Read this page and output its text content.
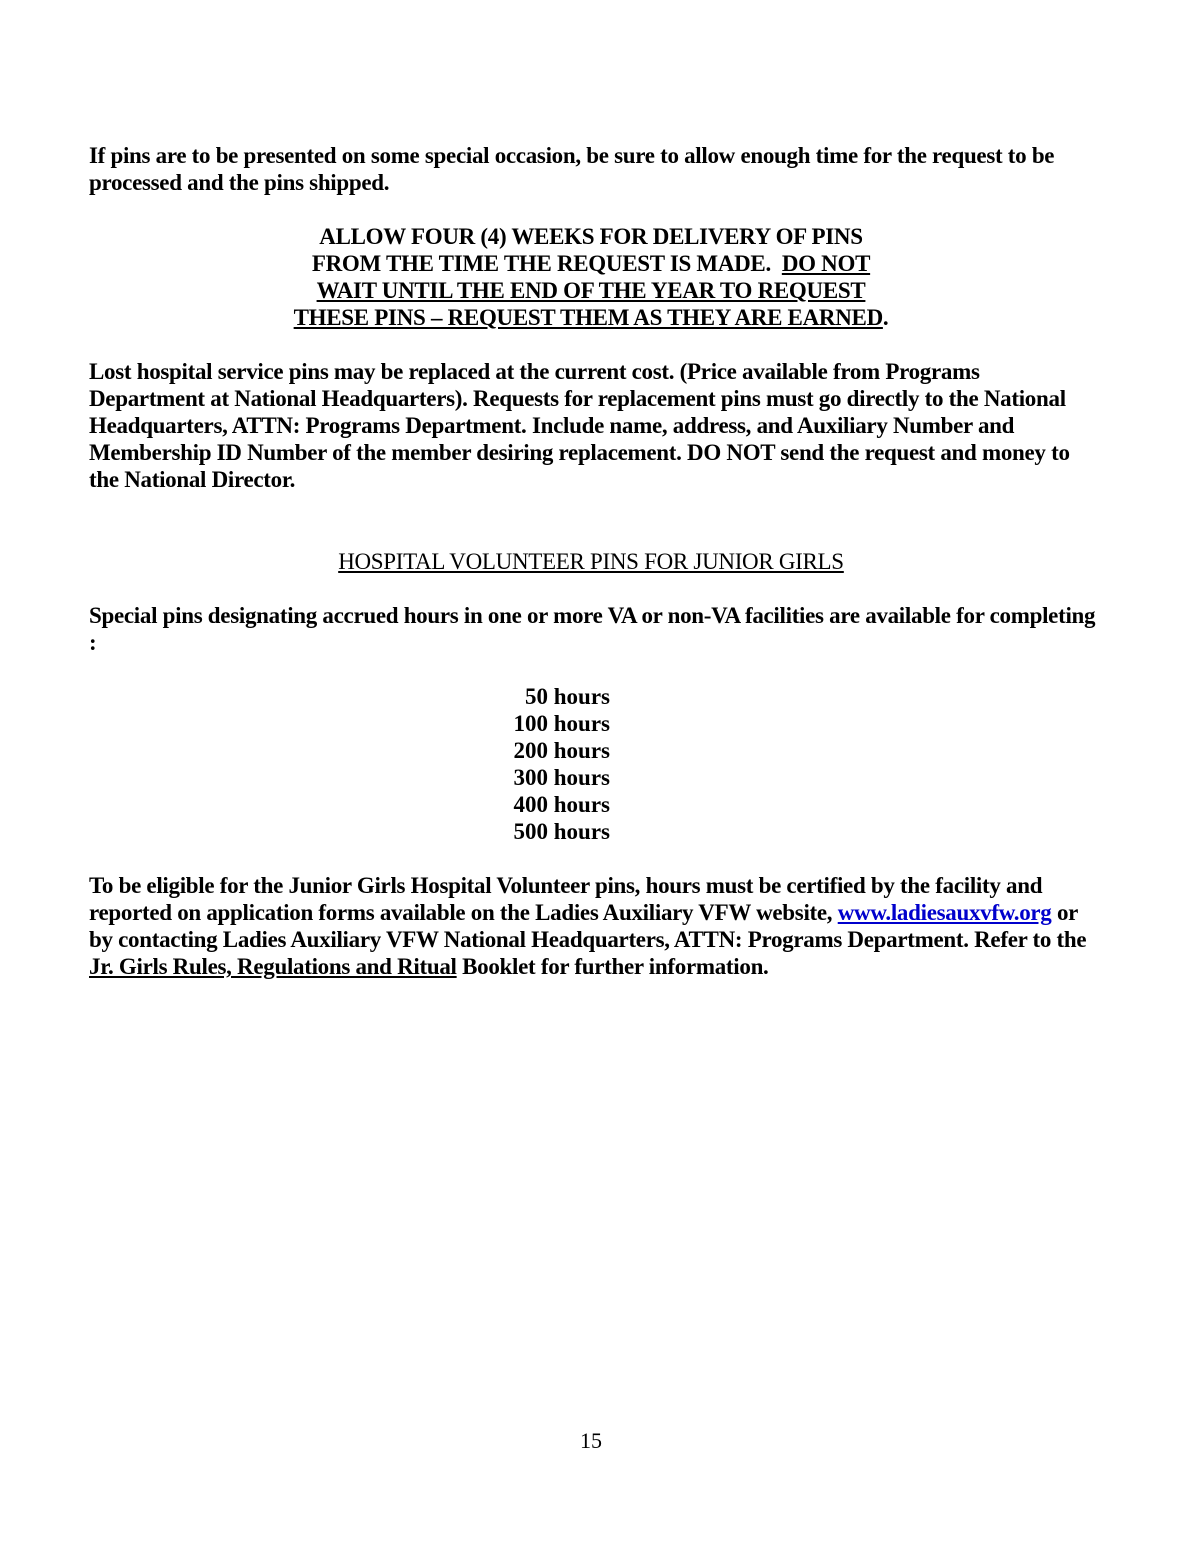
If pins are to be presented on some special occasion, be sure to allow enough time for the request to be processed and the pins shipped.
ALLOW FOUR (4) WEEKS FOR DELIVERY OF PINS
FROM THE TIME THE REQUEST IS MADE.  DO NOT
WAIT UNTIL THE END OF THE YEAR TO REQUEST
THESE PINS – REQUEST THEM AS THEY ARE EARNED.
Lost hospital service pins may be replaced at the current cost. (Price available from Programs Department at National Headquarters). Requests for replacement pins must go directly to the National Headquarters, ATTN: Programs Department. Include name, address, and Auxiliary Number and Membership ID Number of the member desiring replacement. DO NOT send the request and money to the National Director.
HOSPITAL VOLUNTEER PINS FOR JUNIOR GIRLS
Special pins designating accrued hours in one or more VA or non-VA facilities are available for completing :
50 hours
100 hours
200 hours
300 hours
400 hours
500 hours
To be eligible for the Junior Girls Hospital Volunteer pins, hours must be certified by the facility and reported on application forms available on the Ladies Auxiliary VFW website, www.ladiesauxvfw.org or by contacting Ladies Auxiliary VFW National Headquarters, ATTN: Programs Department. Refer to the Jr. Girls Rules, Regulations and Ritual Booklet for further information.
15
